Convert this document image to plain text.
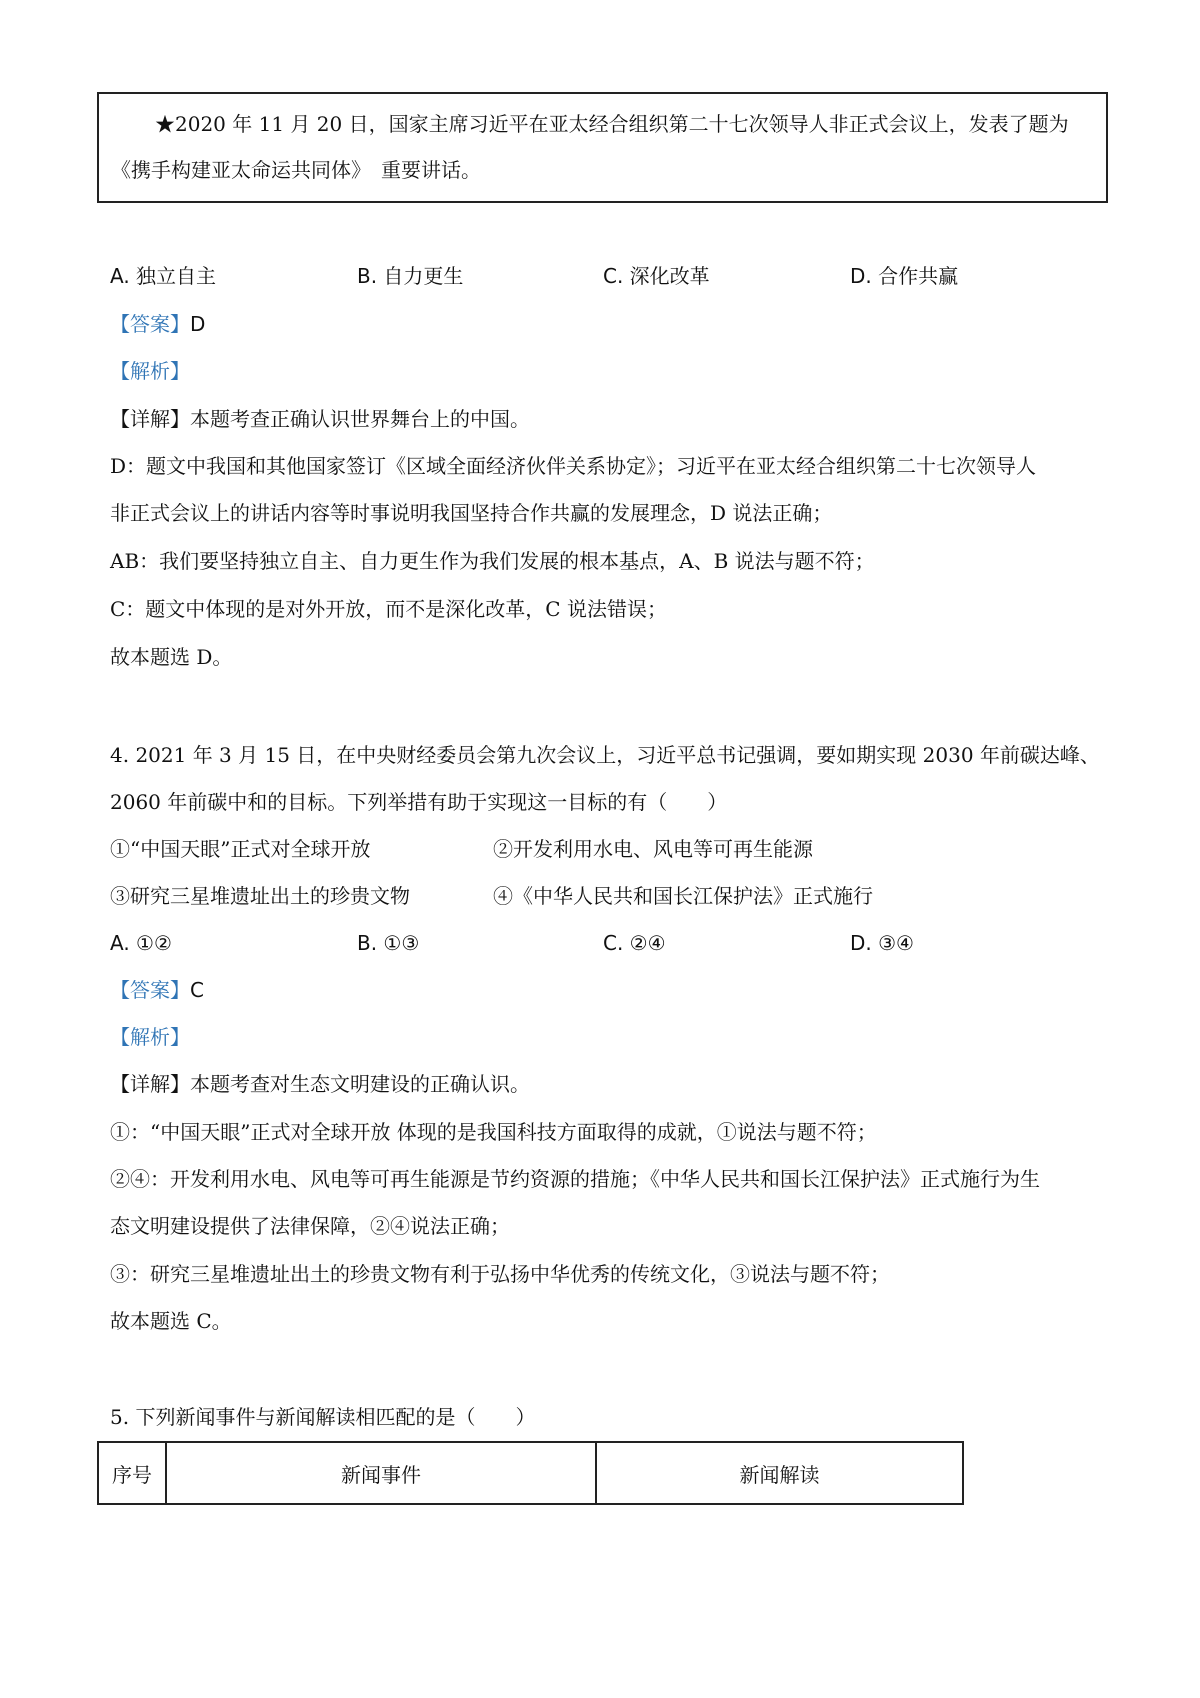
★2020 年 11 月 20 日，国家主席习近平在亚太经合组织第二十七次领导人非正式会议上，发表了题为
《携手构建亚太命运共同体》　重要讲话。
A. 独立自主	B. 自力更生	C. 深化改革	D. 合作共赢
【答案】D
【解析】
【详解】本题考查正确认识世界舞台上的中国。
D：题文中我国和其他国家签订《区域全面经济伙伴关系协定》；习近平在亚太经合组织第二十七次领导人
非正式会议上的讲话内容等时事说明我国坚持合作共赢的发展理念，D 说法正确；
AB：我们要坚持独立自主、自力更生作为我们发展的根本基点，A、B 说法与题不符；
C：题文中体现的是对外开放，而不是深化改革，C 说法错误；
故本题选 D。
4. 2021 年 3 月 15 日，在中央财经委员会第九次会议上，习近平总书记强调，要如期实现 2030 年前碳达峰、
2060 年前碳中和的目标。下列举措有助于实现这一目标的有（　　）
①“中国天眼”正式对全球开放	②开发利用水电、风电等可再生能源
③研究三星堆遗址出土的珍贵文物	④《中华人民共和国长江保护法》正式施行
A. ①②	B. ①③	C. ②④	D. ③④
【答案】C
【解析】
【详解】本题考查对生态文明建设的正确认识。
①：“中国天眼”正式对全球开放 体现的是我国科技方面取得的成就，①说法与题不符；
②④：开发利用水电、风电等可再生能源是节约资源的措施；《中华人民共和国长江保护法》正式施行为生
态文明建设提供了法律保障，②④说法正确；
③：研究三星堆遗址出土的珍贵文物有利于弘扬中华优秀的传统文化，③说法与题不符；
故本题选 C。
5. 下列新闻事件与新闻解读相匹配的是（　　）
序号	新闻事件	新闻解读
